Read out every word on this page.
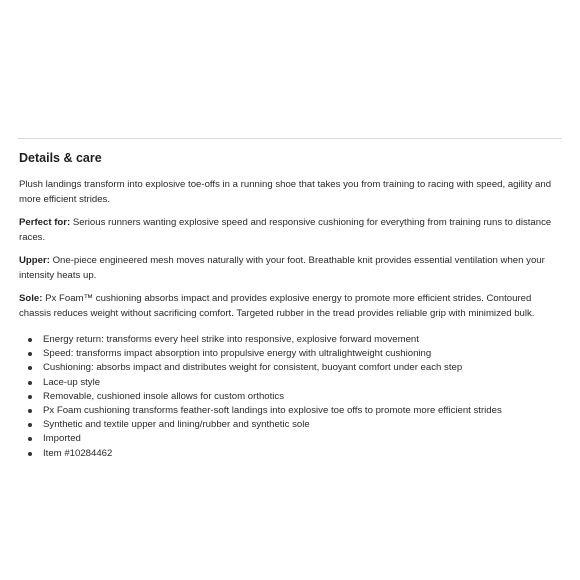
Details & care

Plush landings transform into explosive toe-offs in a running shoe that takes you from training to racing with speed, agility and more efficient strides.

Perfect for: Serious runners wanting explosive speed and responsive cushioning for everything from training runs to distance races.

Upper: One-piece engineered mesh moves naturally with your foot. Breathable knit provides essential ventilation when your intensity heats up.

Sole: Px Foam™ cushioning absorbs impact and provides explosive energy to promote more efficient strides. Contoured chassis reduces weight without sacrificing comfort. Targeted rubber in the tread provides reliable grip with minimized bulk.

Energy return: transforms every heel strike into responsive, explosive forward movement
Speed: transforms impact absorption into propulsive energy with ultralightweight cushioning
Cushioning: absorbs impact and distributes weight for consistent, buoyant comfort under each step
Lace-up style
Removable, cushioned insole allows for custom orthotics
Px Foam cushioning transforms feather-soft landings into explosive toe offs to promote more efficient strides
Synthetic and textile upper and lining/rubber and synthetic sole
Imported
Item #10284462
